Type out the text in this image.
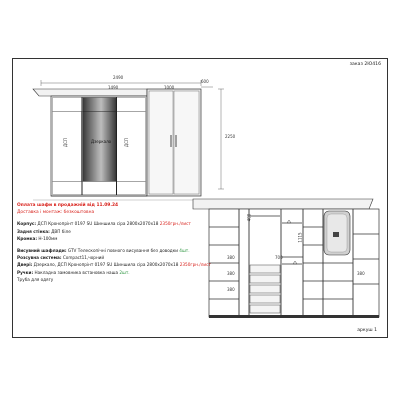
заказ 2Ю416
2490
1490	1000
600
2250
ДСП	Дзеркало	ДСП
400
380
380
380
1115
700
380
Оплата шафи в продажній від 11.09.24
Доставка і монтаж: безкоштовна
Корпус: ДСП Кронопрінт 0197 SU Шиншила сіра 2800х2070х18 2350грн./лист
Задня стінка: ДВП біле
Кромка: Н-100мм
Висувний шафлади: GTV Телескопічні повного висування без доводки 4шт.
Розсувна система: Compact11,чорний
Двері: Дзеркало, ДСП Кронопрінт 0197 SU Шиншила сіра 2800х2070х18 2350грн./лист
Ручки: Накладна замовника встановка наша 2шт.
Труба для одягу
аркуш 1
